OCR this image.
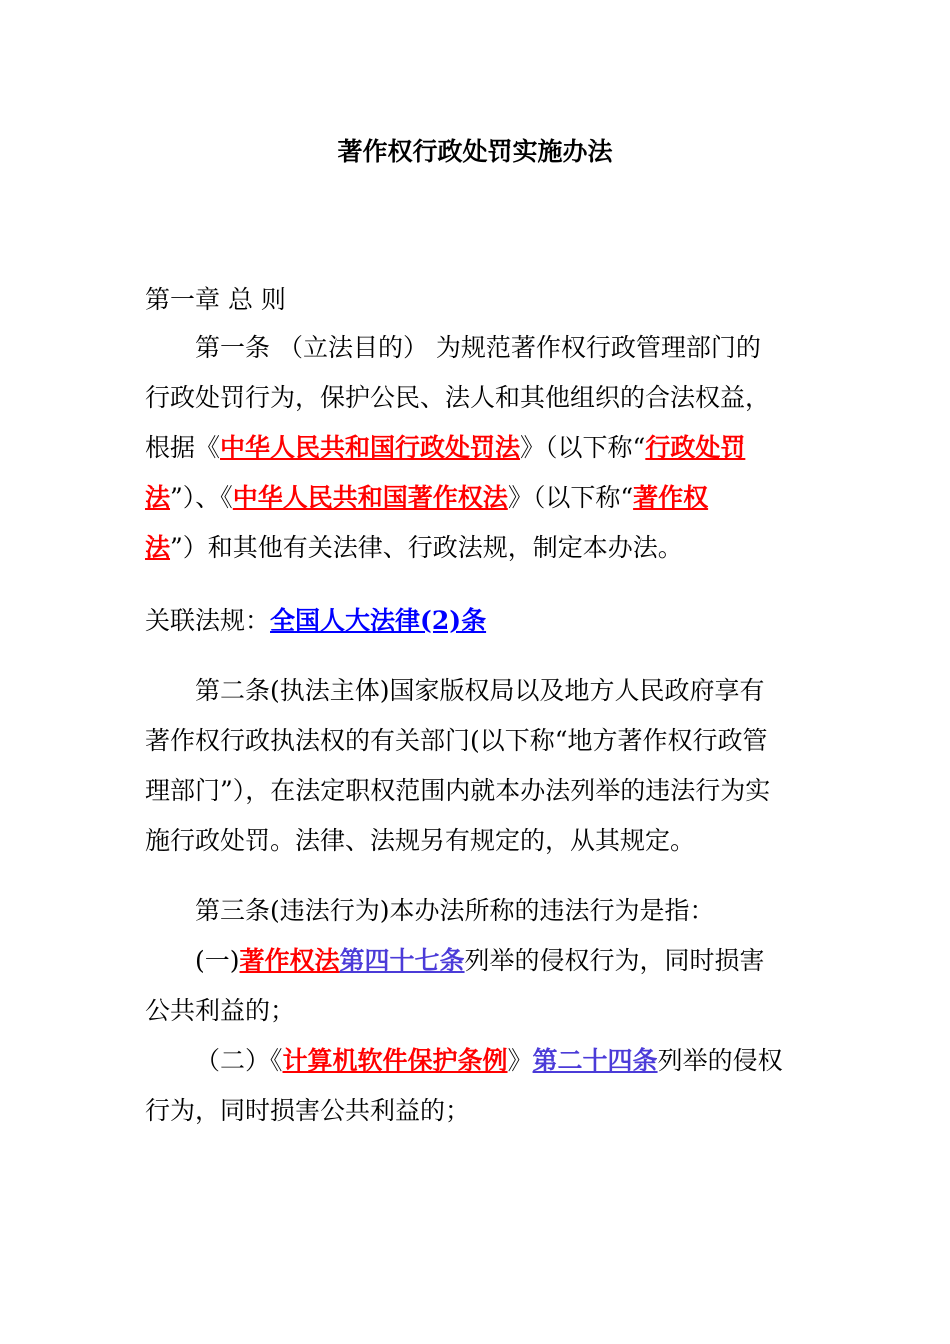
著作权行政处罚实施办法
第一章 总 则
第一条 （立法目的） 为规范著作权行政管理部门的
行政处罚行为，保护公民、法人和其他组织的合法权益，
根据《中华人民共和国行政处罚法》（以下称“行政处罚
法”）、《中华人民共和国著作权法》（以下称“著作权
法”）和其他有关法律、行政法规，制定本办法。
关联法规：全国人大法律(2)条
第二条(执法主体)国家版权局以及地方人民政府享有
著作权行政执法权的有关部门(以下称“地方著作权行政管
理部门”），在法定职权范围内就本办法列举的违法行为实
施行政处罚。法律、法规另有规定的，从其规定。
第三条(违法行为)本办法所称的违法行为是指：
(一)著作权法第四十七条列举的侵权行为，同时损害
公共利益的；
（二）《计算机软件保护条例》第二十四条列举的侵权
行为，同时损害公共利益的；
